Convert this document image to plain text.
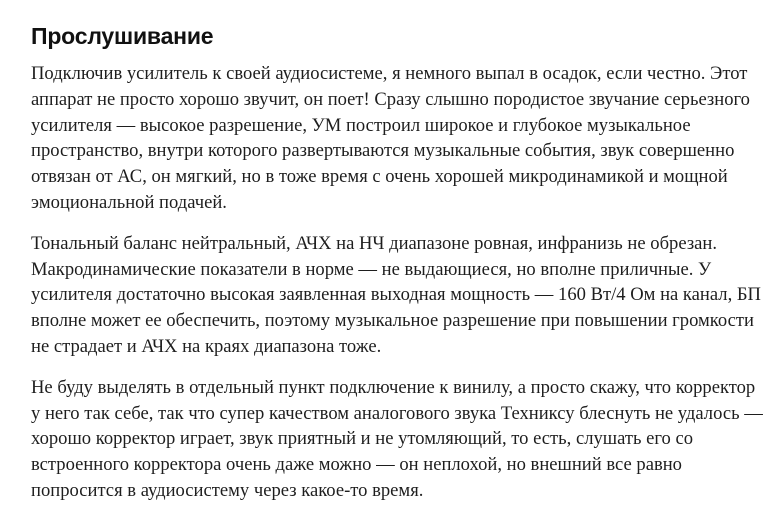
Прослушивание

Подключив усилитель к своей аудиосистеме, я немного выпал в осадок, если честно. Этот аппарат не просто хорошо звучит, он поет! Сразу слышно породистое звучание серьезного усилителя — высокое разрешение, УМ построил широкое и глубокое музыкальное пространство, внутри которого развертываются музыкальные события, звук совершенно отвязан от АС, он мягкий, но в тоже время с очень хорошей микродинамикой и мощной эмоциональной подачей.

Тональный баланс нейтральный, АЧХ на НЧ диапазоне ровная, инфранизь не обрезан. Макродинамические показатели в норме — не выдающиеся, но вполне приличные. У усилителя достаточно высокая заявленная выходная мощность — 160 Вт/4 Ом на канал, БП вполне может ее обеспечить, поэтому музыкальное разрешение при повышении громкости не страдает и АЧХ на краях диапазона тоже.

Не буду выделять в отдельный пункт подключение к винилу, а просто скажу, что корректор у него так себе, так что супер качеством аналогового звука Техниксу блеснуть не удалось — хорошо корректор играет, звук приятный и не утомляющий, то есть, слушать его со встроенного корректора очень даже можно — он неплохой, но внешний все равно попросится в аудиосистему через какое-то время.
